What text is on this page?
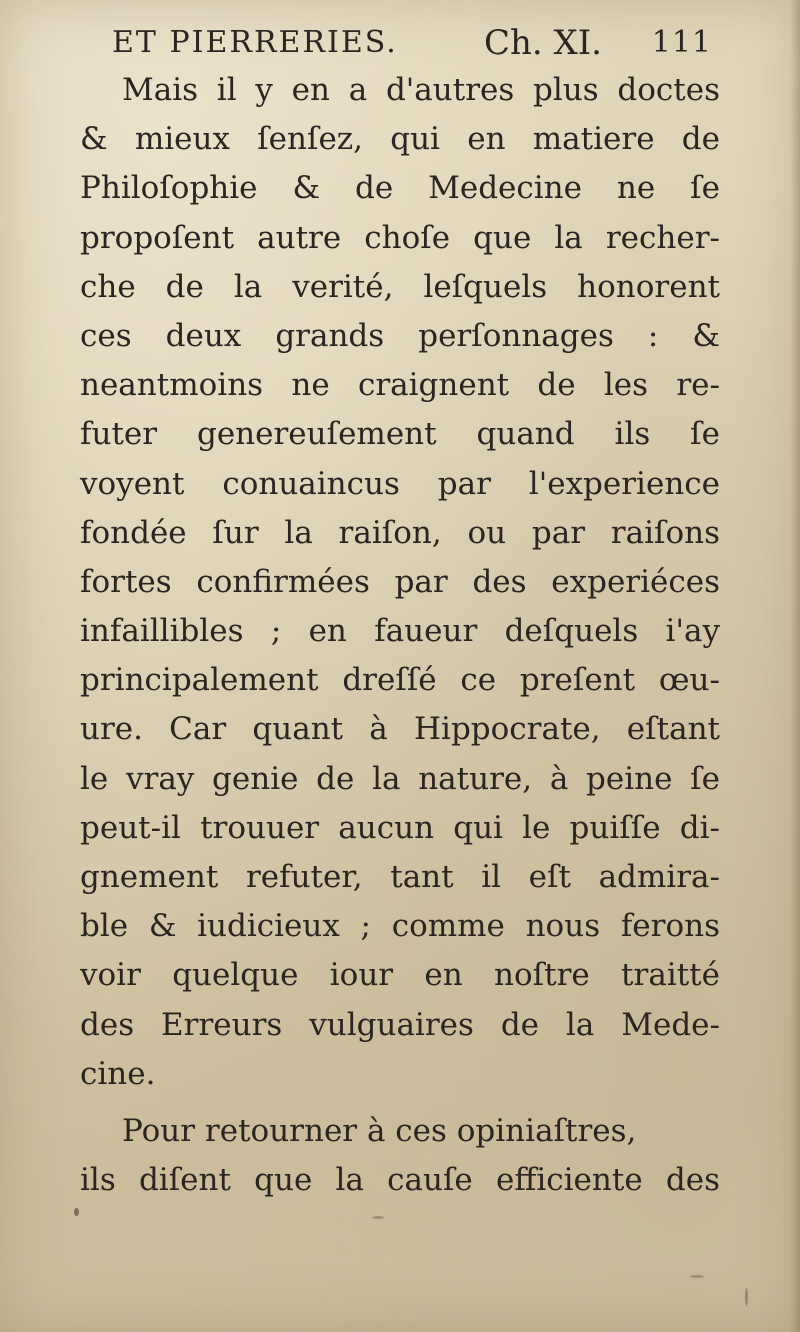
ET PIERRERIES.	Ch. XI. 111
Mais il y en a d'autres plus doctes
& mieux ſenſez, qui en matiere de
Philoſophie & de Medecine ne ſe
propoſent autre choſe que la recher-
che de la verité, leſquels honorent
ces deux grands perſonnages : &
neantmoins ne craignent de les re-
futer genereuſement quand ils ſe
voyent conuaincus par l'experience
fondée ſur la raiſon, ou par raiſons
fortes confirmées par des experiéces
infaillibles ; en faueur deſquels i'ay
principalement dreſſé ce preſent œu-
ure. Car quant à Hippocrate, eſtant
le vray genie de la nature, à peine ſe
peut-il trouuer aucun qui le puiſſe di-
gnement refuter, tant il eſt admira-
ble & iudicieux ; comme nous ferons
voir quelque iour en noſtre traitté
des Erreurs vulguaires de la Mede-
cine.
Pour retourner à ces opiniaſtres,
ils diſent que la cauſe efficiente des
